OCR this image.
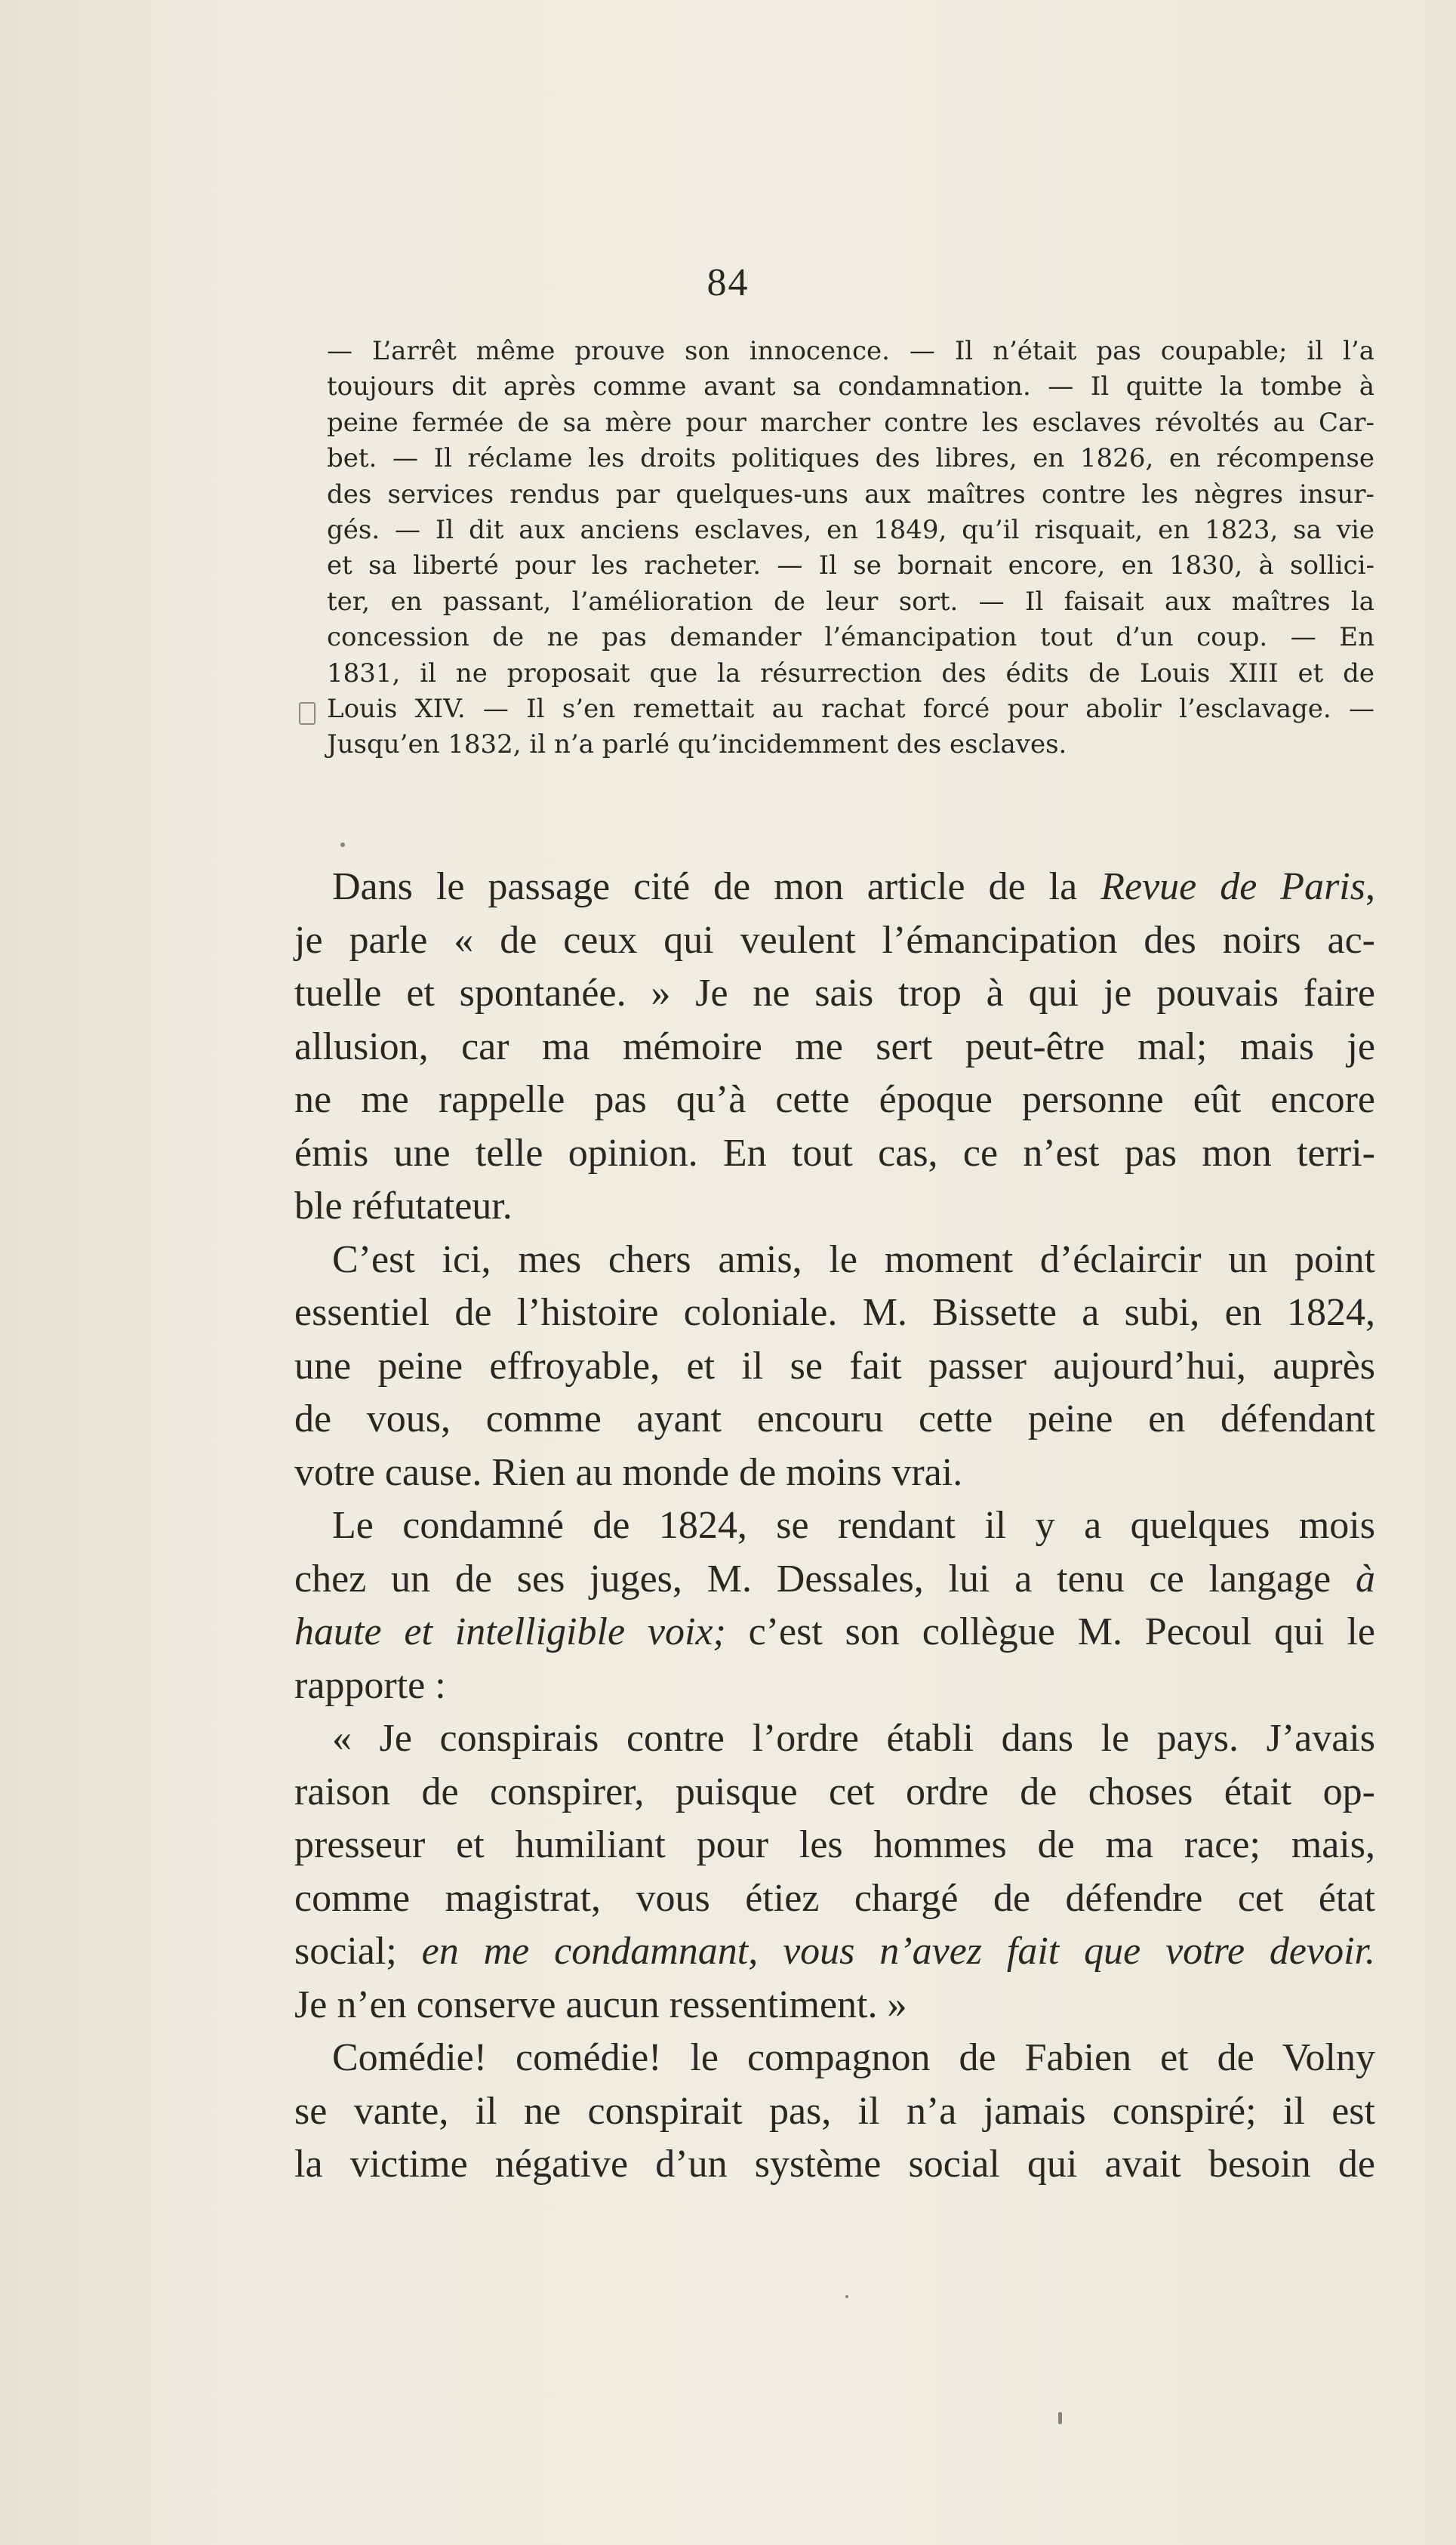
84
— L’arrêt même prouve son innocence. — Il n’était pas coupable; il l’a
toujours dit après comme avant sa condamnation. — Il quitte la tombe à
peine fermée de sa mère pour marcher contre les esclaves révoltés au Car-
bet. — Il réclame les droits politiques des libres, en 1826, en récompense
des services rendus par quelques-uns aux maîtres contre les nègres insur-
gés. — Il dit aux anciens esclaves, en 1849, qu’il risquait, en 1823, sa vie
et sa liberté pour les racheter. — Il se bornait encore, en 1830, à sollici-
ter, en passant, l’amélioration de leur sort. — Il faisait aux maîtres la
concession de ne pas demander l’émancipation tout d’un coup. — En
1831, il ne proposait que la résurrection des édits de Louis XIII et de
Louis XIV. — Il s’en remettait au rachat forcé pour abolir l’esclavage. —
Jusqu’en 1832, il n’a parlé qu’incidemment des esclaves.
Dans le passage cité de mon article de la Revue de Paris,
je parle « de ceux qui veulent l’émancipation des noirs ac-
tuelle et spontanée. » Je ne sais trop à qui je pouvais faire
allusion, car ma mémoire me sert peut-être mal; mais je
ne me rappelle pas qu’à cette époque personne eût encore
émis une telle opinion. En tout cas, ce n’est pas mon terri-
ble réfutateur.
C’est ici, mes chers amis, le moment d’éclaircir un point
essentiel de l’histoire coloniale. M. Bissette a subi, en 1824,
une peine effroyable, et il se fait passer aujourd’hui, auprès
de vous, comme ayant encouru cette peine en défendant
votre cause. Rien au monde de moins vrai.
Le condamné de 1824, se rendant il y a quelques mois
chez un de ses juges, M. Dessales, lui a tenu ce langage à
haute et intelligible voix; c’est son collègue M. Pecoul qui le
rapporte :
« Je conspirais contre l’ordre établi dans le pays. J’avais
raison de conspirer, puisque cet ordre de choses était op-
presseur et humiliant pour les hommes de ma race; mais,
comme magistrat, vous étiez chargé de défendre cet état
social; en me condamnant, vous n’avez fait que votre devoir.
Je n’en conserve aucun ressentiment. »
Comédie! comédie! le compagnon de Fabien et de Volny
se vante, il ne conspirait pas, il n’a jamais conspiré; il est
la victime négative d’un système social qui avait besoin de
